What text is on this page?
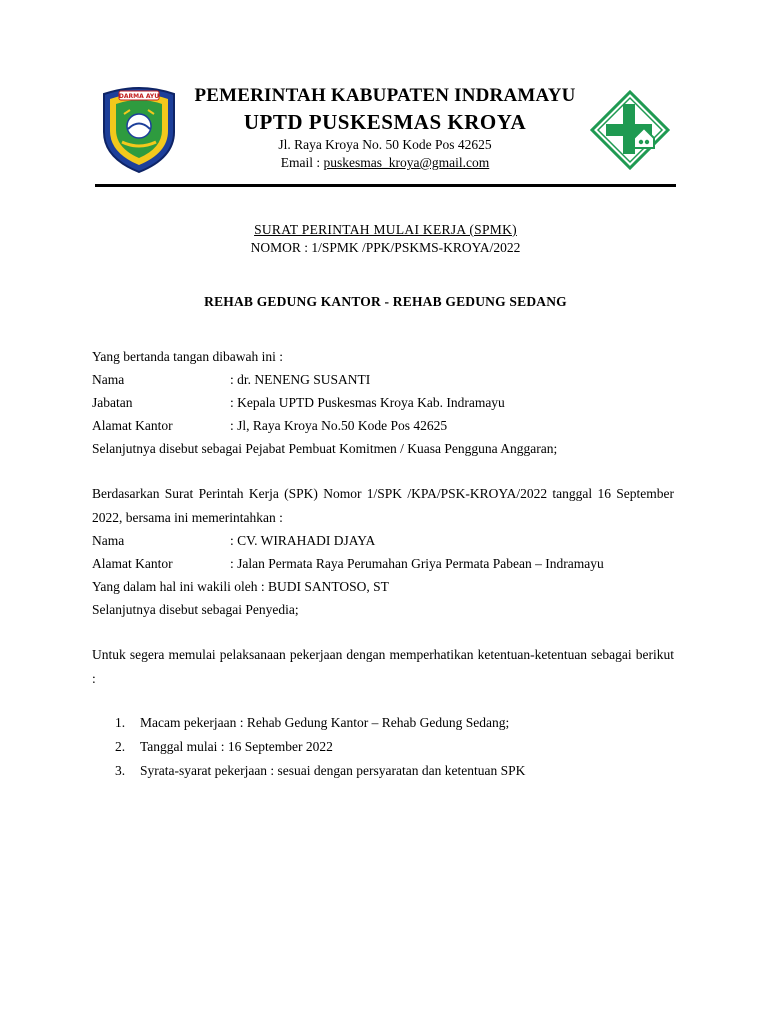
DARMA AYU PEMERINTAH KABUPATEN INDRAMAYU
UPTD PUSKESMAS KROYA
Jl. Raya Kroya No. 50 Kode Pos 42625
Email : puskesmas_kroya@gmail.com
SURAT PERINTAH MULAI KERJA (SPMK)
NOMOR : 1/SPMK /PPK/PSKMS-KROYA/2022
REHAB GEDUNG KANTOR - REHAB GEDUNG SEDANG
Yang bertanda tangan dibawah ini :
Nama	: dr. NENENG SUSANTI
Jabatan	: Kepala UPTD Puskesmas Kroya Kab. Indramayu
Alamat Kantor	: Jl, Raya Kroya No.50 Kode Pos 42625
Selanjutnya disebut sebagai Pejabat Pembuat Komitmen / Kuasa Pengguna Anggaran;
Berdasarkan Surat Perintah Kerja (SPK) Nomor 1/SPK /KPA/PSK-KROYA/2022 tanggal 16 September 2022, bersama ini memerintahkan :
Nama	: CV. WIRAHADI DJAYA
Alamat Kantor	: Jalan Permata Raya Perumahan Griya Permata Pabean – Indramayu
Yang dalam hal ini wakili oleh : BUDI SANTOSO, ST
Selanjutnya disebut sebagai Penyedia;
Untuk segera memulai pelaksanaan pekerjaan dengan memperhatikan ketentuan-ketentuan sebagai berikut :
1. Macam pekerjaan : Rehab Gedung Kantor – Rehab Gedung Sedang;
2. Tanggal mulai : 16 September 2022
3. Syrata-syarat pekerjaan : sesuai dengan persyaratan dan ketentuan SPK
